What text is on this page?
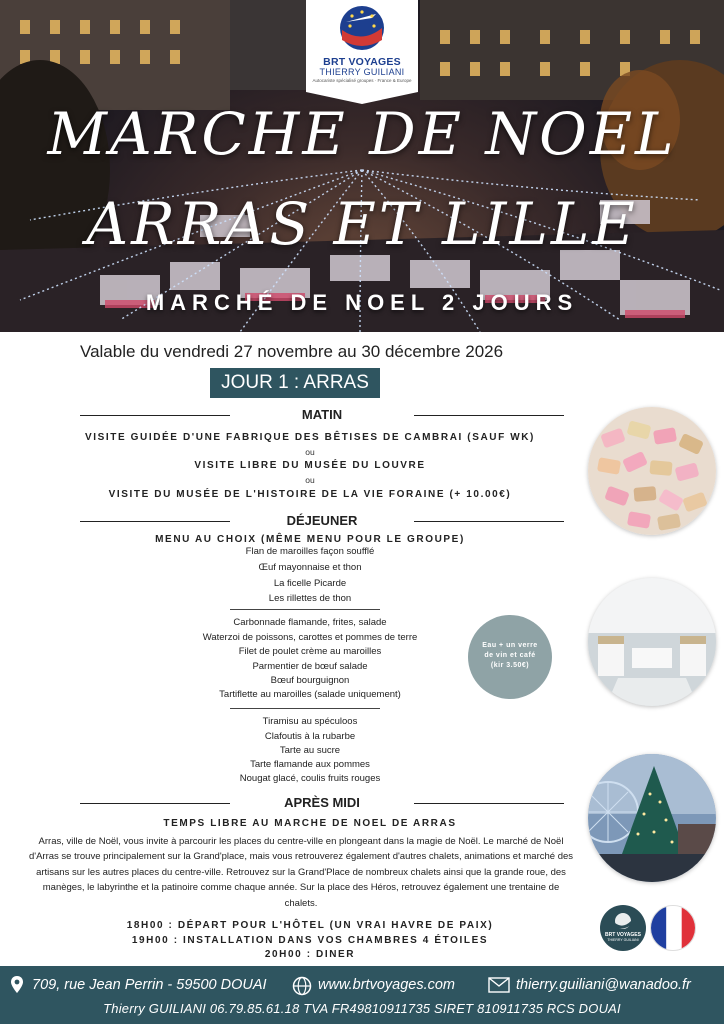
BRT VOYAGES
THIERRY GUILIANI
Autocariste spécialisé groupes · France & Europe
MARCHE DE NOEL
ARRAS ET LILLE
MARCHÉ DE NOEL 2 JOURS
Valable du vendredi 27 novembre au 30 décembre 2026
JOUR 1 : ARRAS
MATIN
VISITE GUIDÉE D'UNE FABRIQUE DES BÊTISES DE CAMBRAI (SAUF WK)
ou
VISITE LIBRE DU MUSÉE DU LOUVRE
ou
VISITE DU MUSÉE DE L'HISTOIRE DE LA VIE FORAINE (+ 10.00€)
DÉJEUNER
MENU AU CHOIX (MÊME MENU POUR LE GROUPE)
Flan de maroilles façon soufflé
Œuf mayonnaise et thon
La ficelle Picarde
Les rillettes de thon
Carbonnade flamande, frites, salade
Waterzoi de poissons, carottes et pommes de terre
Filet de poulet crème au maroilles
Parmentier de bœuf salade
Bœuf bourguignon
Tartiflette au maroilles (salade uniquement)
Tiramisu au spéculoos
Clafoutis à la rubarbe
Tarte au sucre
Tarte flamande aux pommes
Nougat glacé, coulis fruits rouges
Eau + un verre
de vin et café
(kir 3.50€)
APRÈS MIDI
TEMPS LIBRE AU MARCHE DE NOEL DE ARRAS
Arras, ville de Noël, vous invite à parcourir les places du centre-ville en plongeant dans la magie de Noël. Le marché de Noël d'Arras se trouve principalement sur la Grand'place, mais vous retrouverez également d'autres chalets, animations et marché des artisans sur les autres places du centre-ville. Retrouvez sur la Grand'Place de nombreux chalets ainsi que la grande roue, des manèges, le labyrinthe et la patinoire comme chaque année. Sur la place des Héros, retrouvez également une trentaine de chalets.
18H00 : DÉPART POUR L'HÔTEL (UN VRAI HAVRE DE PAIX)
19H00 : INSTALLATION DANS VOS CHAMBRES 4 ÉTOILES
20H00 : DINER
BRT VOYAGES
THIERRY GUILIANI
709, rue Jean Perrin - 59500 DOUAI	www.brtvoyages.com	thierry.guiliani@wanadoo.fr
Thierry GUILIANI 06.79.85.61.18 TVA FR49810911735 SIRET 810911735 RCS DOUAI
